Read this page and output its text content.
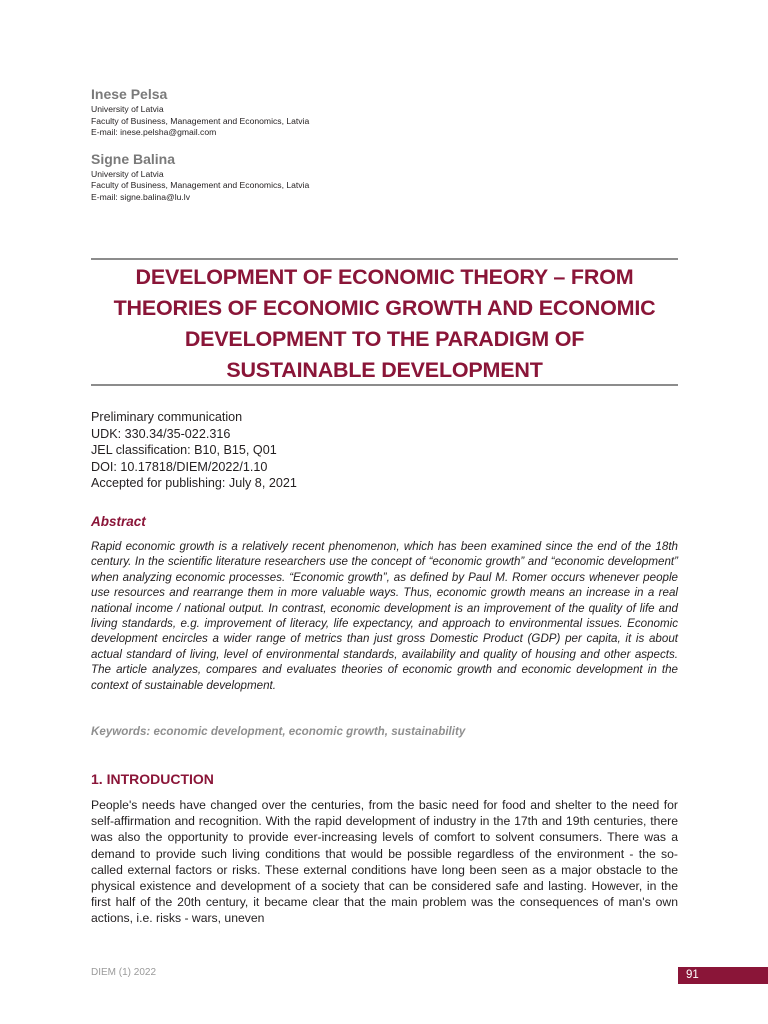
Inese Pelsa
University of Latvia
Faculty of Business, Management and Economics, Latvia
E-mail: inese.pelsha@gmail.com
Signe Balina
University of Latvia
Faculty of Business, Management and Economics, Latvia
E-mail: signe.balina@lu.lv
DEVELOPMENT OF ECONOMIC THEORY – FROM
THEORIES OF ECONOMIC GROWTH AND ECONOMIC
DEVELOPMENT TO THE PARADIGM OF
SUSTAINABLE DEVELOPMENT
Preliminary communication
UDK: 330.34/35-022.316
JEL classification: B10, B15, Q01
DOI: 10.17818/DIEM/2022/1.10
Accepted for publishing: July 8, 2021
Abstract

Rapid economic growth is a relatively recent phenomenon, which has been examined since the end of the 18th century. In the scientific literature researchers use the concept of “economic growth” and “economic development” when analyzing economic processes. “Economic growth”, as defined by Paul M. Romer occurs whenever people use resources and rearrange them in more valuable ways. Thus, economic growth means an increase in a real national income / national output. In contrast, economic development is an improvement of the quality of life and living standards, e.g. improvement of literacy, life expectancy, and approach to environmental issues. Economic development encircles a wider range of metrics than just gross Domestic Product (GDP) per capita, it is about actual standard of living, level of environmental standards, availability and quality of housing and other aspects. The article analyzes, compares and evaluates theories of economic growth and economic development in the context of sustainable development.

Keywords: economic development, economic growth, sustainability
1. INTRODUCTION

People's needs have changed over the centuries, from the basic need for food and shelter to the need for self-affirmation and recognition. With the rapid development of industry in the 17th and 19th centuries, there was also the opportunity to provide ever-increasing levels of comfort to solvent consumers. There was a demand to provide such living conditions that would be possible regardless of the environment - the so-called external factors or risks. These external conditions have long been seen as a major obstacle to the physical existence and development of a society that can be considered safe and lasting. However, in the first half of the 20th century, it became clear that the main problem was the consequences of man's own actions, i.e. risks - wars, uneven

DIEM (1) 2022	91
